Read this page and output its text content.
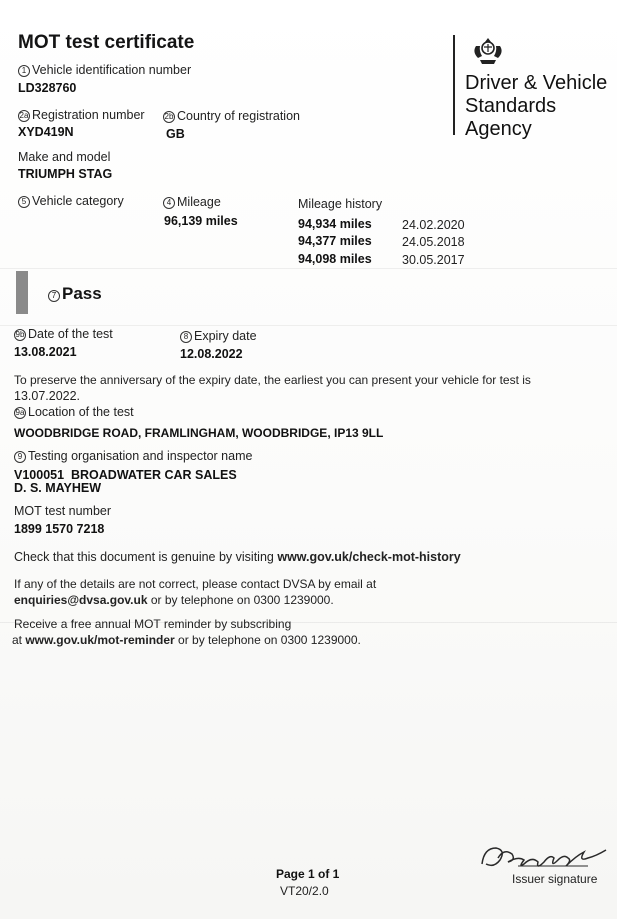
MOT test certificate
Driver & Vehicle
Standards
Agency
1 Vehicle identification number
LD328760
2a Registration number
XYD419N
2b Country of registration
GB
Make and model
TRIUMPH STAG
5 Vehicle category	4 Mileage
96,139 miles
Mileage history
94,934 miles 24.02.2020
94,377 miles 24.05.2018
94,098 miles 30.05.2017
7 Pass
9b Date of the test
13.08.2021
8 Expiry date
12.08.2022
To preserve the anniversary of the expiry date, the earliest you can present your vehicle for test is
13.07.2022.
9a Location of the test
WOODBRIDGE ROAD, FRAMLINGHAM, WOODBRIDGE, IP13 9LL
9 Testing organisation and inspector name
V100051  BROADWATER CAR SALES
D. S. MAYHEW
MOT test number
1899 1570 7218
Check that this document is genuine by visiting www.gov.uk/check-mot-history
If any of the details are not correct, please contact DVSA by email at
enquiries@dvsa.gov.uk or by telephone on 0300 1239000.
Receive a free annual MOT reminder by subscribing
at www.gov.uk/mot-reminder or by telephone on 0300 1239000.
Page 1 of 1
VT20/2.0
Issuer signature
